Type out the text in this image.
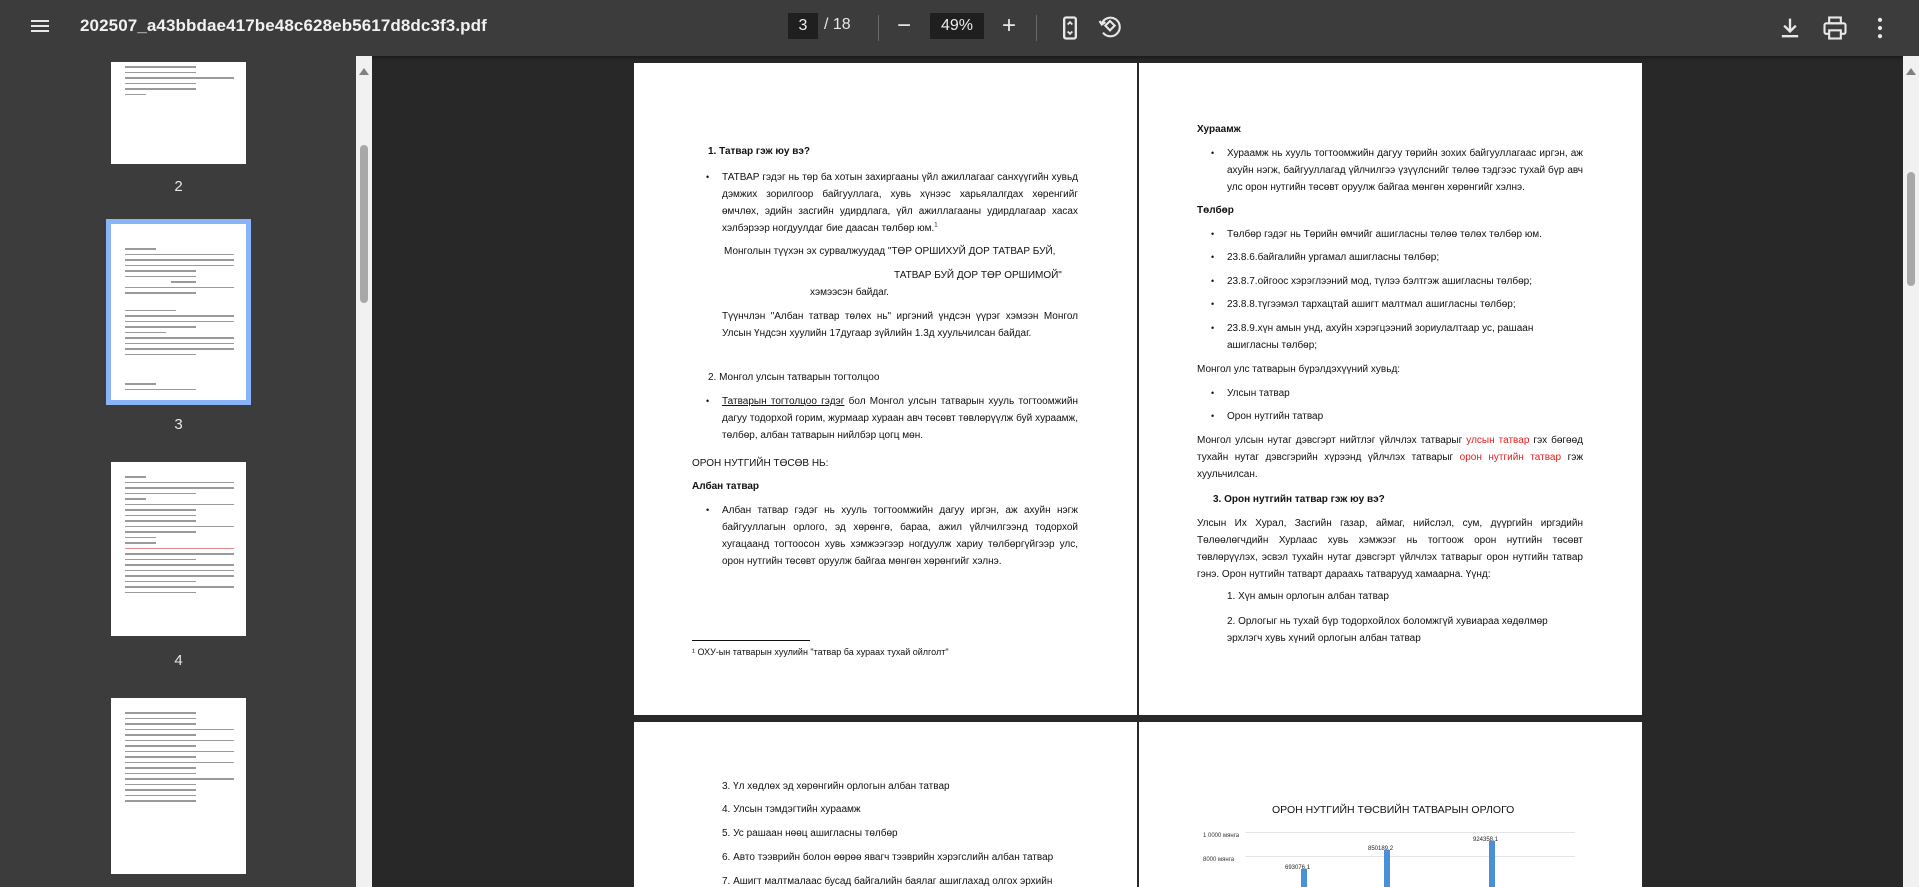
202507_a43bbdae417be48c628eb5617d8dc3f3.pdf
3	/ 18 −
49%	+
2
3
4
1. Татвар гэж юу вэ?
• ТАТВАР гэдэг нь төр ба хотын захиргааны үйл ажиллагааг санхүүгийн хувьд дэмжих зорилгоор байгууллага, хувь хүнээс харьялалгдах хөренгийг өмчлөх, эдийн засгийн удирдлага, үйл ажиллагааны удирдлагаар хасах хэлбэрээр ногдуулдаг бие даасан төлбөр юм.$^1$
Монголын түүхэн эх сурвалжуудад "ТӨР ОРШИХУЙ ДОР ТАТВАР БУЙ,
ТАТВАР БУЙ ДОР ТӨР ОРШИМОЙ"
хэмээсэн байдаг.
Түүнчлэн "Албан татвар төлөх нь" иргэний үндсэн үүрэг хэмээн Монгол Улсын Үндсэн хуулийн 17дугаар зүйлийн 1.3д хуульчилсан байдаг.
2. Монгол улсын татварын тогтолцоо
• Татварын тогтолцоо гэдэг бол Монгол улсын татварын хууль тогтоомжийн дагуу тодорхой горим, журмаар хураан авч төсөвт төвлөрүүлж буй хураамж, төлбөр, албан татварын нийлбэр цогц мөн.
ОРОН НУТГИЙН ТӨСӨВ НЬ:
Албан татвар
• Албан татвар гэдэг нь хууль тогтоомжийн дагуу иргэн, аж ахуйн нэгж байгууллагын орлого, эд хөрөнгө, бараа, ажил үйлчилгээнд тодорхой хугацаанд тогтоосон хувь хэмжээгээр ногдуулж хариу төлбөргүйгээр улс, орон нутгийн төсөвт оруулж байгаа мөнгөн хөрөнгийг хэлнэ.
¹ ОХУ-ын татварын хуулийн "татвар ба хураах тухай ойлголт"
Хураамж
• Хураамж нь хууль тогтоомжийн дагуу төрийн зохих байгууллагаас иргэн, аж ахуйн нэгж, байгууллагад үйлчилгээ үзүүлснийг төлөө тэдгээс тухай бүр авч улс орон нутгийн төсөвт оруулж байгаа мөнгөн хөрөнгийг хэлнэ.
Төлбөр
• Төлбөр гэдэг нь Төрийн өмчийг ашигласны төлөө төлөх төлбөр юм.
• 23.8.6.байгалийн ургамал ашигласны төлбөр;
• 23.8.7.ойгоос хэрэглээний мод, түлээ бэлтгэж ашигласны төлбөр;
• 23.8.8.түгээмэл тархацтай ашигт малтмал ашигласны төлбөр;
• 23.8.9.хүн амын унд, ахуйн хэрэгцээний зориулалтаар ус, рашаан ашигласны төлбөр;
Монгол улс татварын бүрэлдэхүүний хувьд:
• Улсын татвар
• Орон нутгийн татвар
Монгол улсын нутаг дэвсгэрт нийтлэг үйлчлэх татварыг улсын татвар гэх бөгөөд тухайн нутаг дэвсгэрийн хүрээнд үйлчлэх татварыг орон нутгийн татвар гэж хуульчилсан.
3. Орон нутгийн татвар гэж юу вэ?
Улсын Их Хурал, Засгийн газар, аймаг, нийслэл, сум, дүүргийн иргэдийн Төлөөлөгчдийн Хурлаас хувь хэмжээг нь тогтоож орон нутгийн төсөвт төвлөрүүлэх, эсвэл тухайн нутаг дэвсгэрт үйлчлэх татварыг орон нутгийн татвар гэнэ. Орон нутгийн татварт дараахь татварууд хамаарна. Үүнд:
1. Хүн амын орлогын албан татвар
2. Орлогыг нь тухай бүр тодорхойлох боломжгүй хувиараа хөдөлмөр эрхлэгч хувь хүний орлогын албан татвар
3. Үл хөдлөх эд хөрөнгийн орлогын албан татвар
4. Улсын тэмдэгтийн хураамж
5. Ус рашаан нөөц ашигласны төлбөр
6. Авто тээврийн болон өөрөө явагч тээврийн хэрэгслийн албан татвар
7. Ашигт малтмалаас бусад байгалийн баялаг ашиглахад олгох эрхийн
ОРОН НУТГИЙН ТӨСВИЙН ТАТВАРЫН ОРЛОГО
1 0000 мянга
8000 мянга
693076.1
850189.2
924358.1
